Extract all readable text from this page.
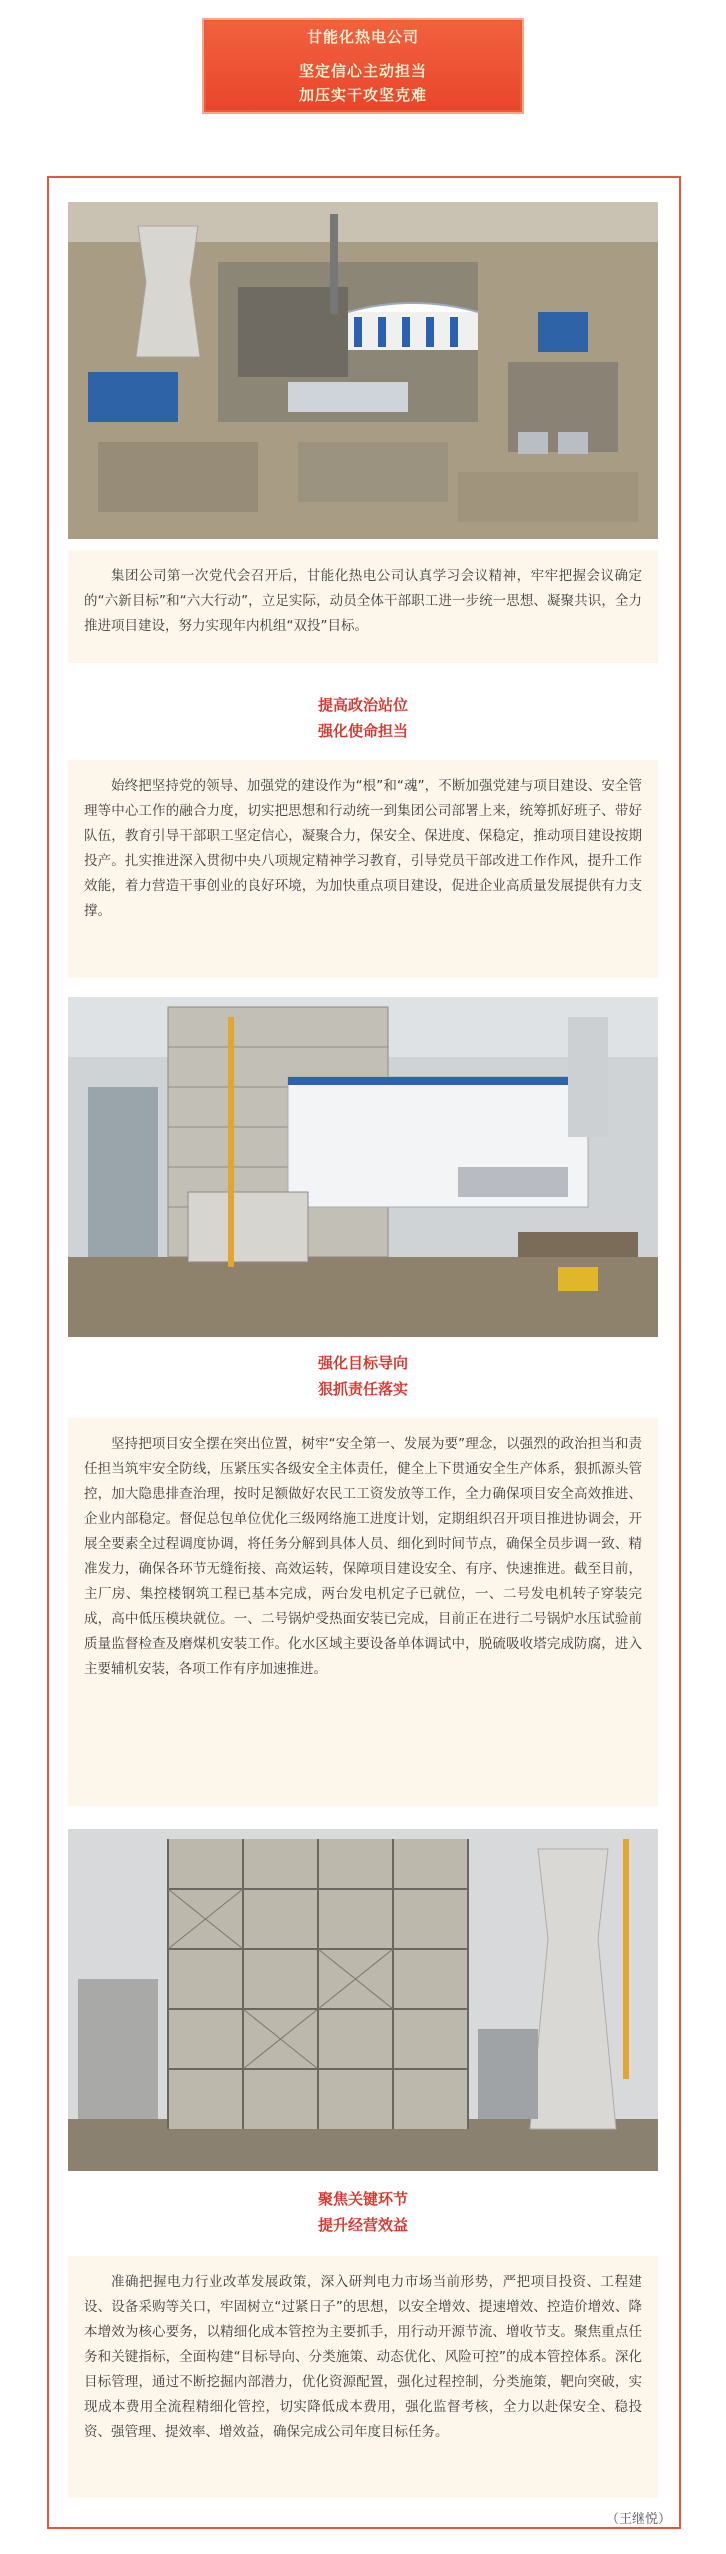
甘能化热电公司
坚定信心主动担当
加压实干攻坚克难
集团公司第一次党代会召开后，甘能化热电公司认真学习会议精神，牢牢把握会议确定的“六新目标”和“六大行动”，立足实际，动员全体干部职工进一步统一思想、凝聚共识，全力推进项目建设，努力实现年内机组“双投”目标。
提高政治站位
强化使命担当
始终把坚持党的领导、加强党的建设作为“根”和“魂”，不断加强党建与项目建设、安全管理等中心工作的融合力度，切实把思想和行动统一到集团公司部署上来，统筹抓好班子、带好队伍，教育引导干部职工坚定信心，凝聚合力，保安全、保进度、保稳定，推动项目建设按期投产。扎实推进深入贯彻中央八项规定精神学习教育，引导党员干部改进工作作风，提升工作效能，着力营造干事创业的良好环境，为加快重点项目建设，促进企业高质量发展提供有力支撑。
强化目标导向
狠抓责任落实
坚持把项目安全摆在突出位置，树牢“安全第一、发展为要”理念，以强烈的政治担当和责任担当筑牢安全防线，压紧压实各级安全主体责任，健全上下贯通安全生产体系，狠抓源头管控，加大隐患排查治理，按时足额做好农民工工资发放等工作，全力确保项目安全高效推进、企业内部稳定。督促总包单位优化三级网络施工进度计划，定期组织召开项目推进协调会，开展全要素全过程调度协调，将任务分解到具体人员、细化到时间节点，确保全员步调一致、精准发力，确保各环节无缝衔接、高效运转，保障项目建设安全、有序、快速推进。截至目前，主厂房、集控楼钢筑工程已基本完成，两台发电机定子已就位，一、二号发电机转子穿装完成，高中低压模块就位。一、二号锅炉受热面安装已完成，目前正在进行二号锅炉水压试验前质量监督检查及磨煤机安装工作。化水区域主要设备单体调试中，脱硫吸收塔完成防腐，进入主要辅机安装，各项工作有序加速推进。
聚焦关键环节
提升经营效益
准确把握电力行业改革发展政策，深入研判电力市场当前形势，严把项目投资、工程建设、设备采购等关口，牢固树立“过紧日子”的思想，以安全增效、提速增效、控造价增效、降本增效为核心要务，以精细化成本管控为主要抓手，用行动开源节流、增收节支。聚焦重点任务和关键指标，全面构建“目标导向、分类施策、动态优化、风险可控”的成本管控体系。深化目标管理，通过不断挖掘内部潜力，优化资源配置，强化过程控制，分类施策，靶向突破，实现成本费用全流程精细化管控，切实降低成本费用，强化监督考核，全力以赴保安全、稳投资、强管理、提效率、增效益，确保完成公司年度目标任务。
（王继悦）
